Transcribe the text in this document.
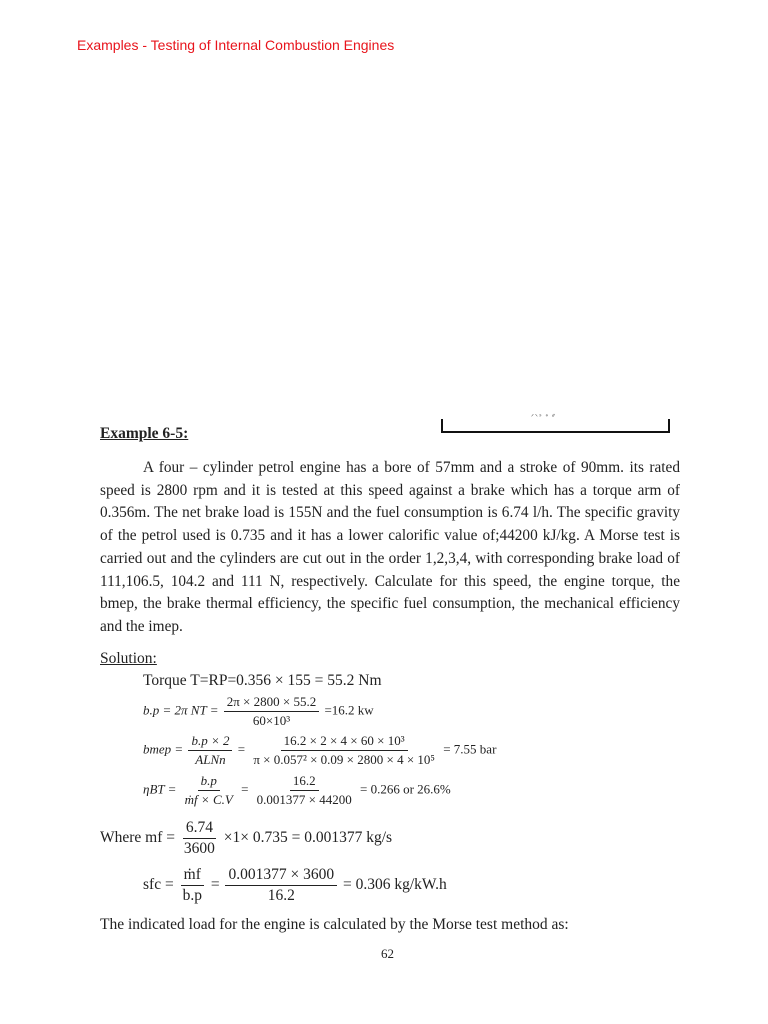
Examples - Testing of Internal Combustion Engines
ᐟᐠᐣ ᐤ ᐥ
Example 6-5:

A four – cylinder petrol engine has a bore of 57mm and a stroke of 90mm. its rated speed is 2800 rpm and it is tested at this speed against a brake which has a torque arm of 0.356m. The net brake load is 155N and the fuel consumption is 6.74 l/h. The specific gravity of the petrol used is 0.735 and it has a lower calorific value of;44200 kJ/kg. A Morse test is carried out and the cylinders are cut out in the order 1,2,3,4, with corresponding brake load of 111,106.5, 104.2 and 111 N, respectively. Calculate for this speed, the engine torque, the bmep, the brake thermal efficiency, the specific fuel consumption, the mechanical efficiency and the imep.

Solution:
Torque T=RP=0.356 × 155 = 55.2 Nm
b.p = 2π NT = $\frac{2\pi \times 2800 \times 55.2}{\text{60×10³}} =16.2$ kw
bmep = $\frac{b.p \times 2}{\text{ALNn}} = \frac{\text{16.2 × 2 × 4 × 60 × 10³}}{\text{π × 0.057² × 0.09 × 2800 × 4 × 10⁵}} = 7.55$ bar
$\eta BT = \frac{b.p}{\text{ṁf × C.V}} = \frac{16.2}{0.001377 \times 44200} = 0.266$ or 26.6%
Where mf = $\frac{6.74}{3600} \times 1\times 0.735 = 0.001377$ kg/s
sfc = $\frac{\text{ṁf}}{b.p} = \frac{0.001377 \times 3600}{16.2} = 0.306$ kg/kW.h
The indicated load for the engine is calculated by the Morse test method as:
62
